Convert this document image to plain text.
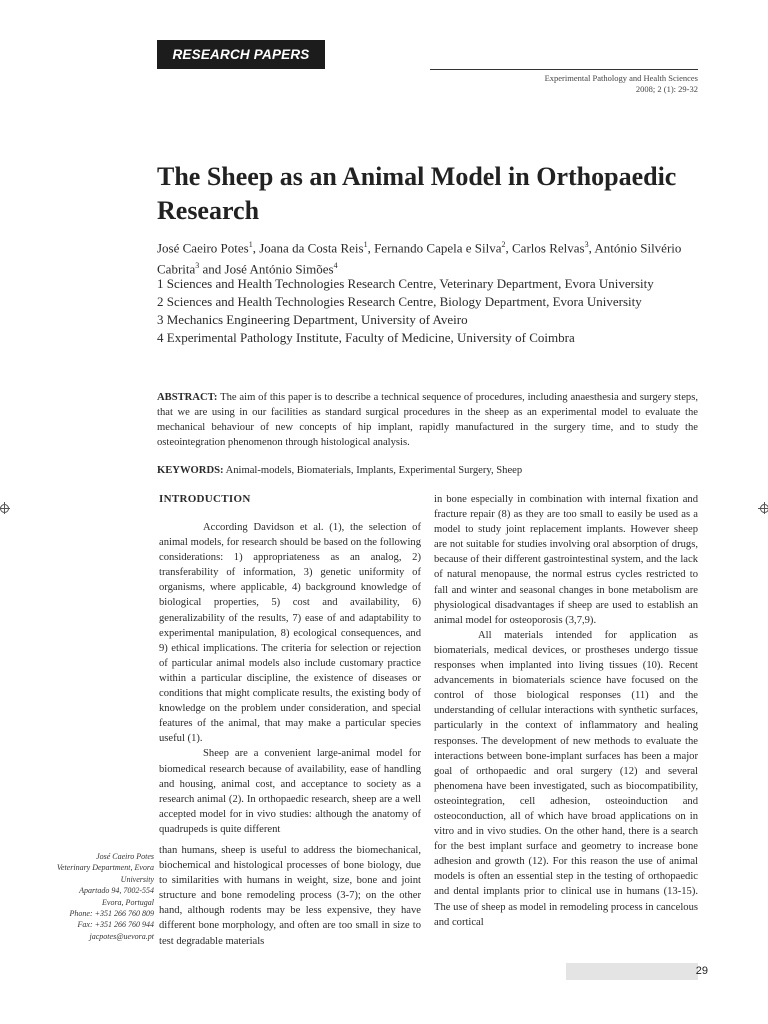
RESEARCH PAPERS
Experimental Pathology and Health Sciences
2008; 2 (1): 29-32
The Sheep as an Animal Model in Orthopaedic Research

José Caeiro Potes$^1$, Joana da Costa Reis$^1$, Fernando Capela e Silva$^2$, Carlos Relvas$^3$, António Silvério Cabrita$^3$ and José António Simões$^4$

1 Sciences and Health Technologies Research Centre, Veterinary Department, Evora University
2 Sciences and Health Technologies Research Centre, Biology Department, Evora University
3 Mechanics Engineering Department, University of Aveiro
4 Experimental Pathology Institute, Faculty of Medicine, University of Coimbra

ABSTRACT: The aim of this paper is to describe a technical sequence of procedures, including anaesthesia and surgery steps, that we are using in our facilities as standard surgical procedures in the sheep as an experimental model to evaluate the mechanical behaviour of new concepts of hip implant, rapidly manufactured in the surgery time, and to study the osteointegration phenomenon through histological analysis.

KEYWORDS: Animal-models, Biomaterials, Implants, Experimental Surgery, Sheep

INTRODUCTION

According Davidson et al. (1), the selection of animal models, for research should be based on the following considerations: 1) appropriateness as an analog, 2) transferability of information, 3) genetic uniformity of organisms, where applicable, 4) background knowledge of biological properties, 5) cost and availability, 6) generalizability of the results, 7) ease of and adaptability to experimental manipulation, 8) ecological consequences, and 9) ethical implications. The criteria for selection or rejection of particular animal models also include customary practice within a particular discipline, the existence of diseases or conditions that might complicate results, the existing body of knowledge on the problem under consideration, and special features of the animal, that may make a particular species useful (1).

Sheep are a convenient large-animal model for biomedical research because of availability, ease of handling and housing, animal cost, and acceptance to society as a research animal (2). In orthopaedic research, sheep are a well accepted model for in vivo studies: although the anatomy of quadrupeds is quite different

than humans, sheep is useful to address the biomechanical, biochemical and histological processes of bone biology, due to similarities with humans in weight, size, bone and joint structure and bone remodeling process (3-7); on the other hand, although rodents may be less expensive, they have different bone morphology, and often are too small in size to test degradable materials

in bone especially in combination with internal fixation and fracture repair (8) as they are too small to easily be used as a model to study joint replacement implants. However sheep are not suitable for studies involving oral absorption of drugs, because of their different gastrointestinal system, and the lack of natural menopause, the normal estrus cycles restricted to fall and winter and seasonal changes in bone metabolism are physiological disadvantages if sheep are used to establish an animal model for osteoporosis (3,7,9).

All materials intended for application as biomaterials, medical devices, or prostheses undergo tissue responses when implanted into living tissues (10). Recent advancements in biomaterials science have focused on the control of those biological responses (11) and the understanding of cellular interactions with synthetic surfaces, particularly in the context of inflammatory and healing responses. The development of new methods to evaluate the interactions between bone-implant surfaces has been a major goal of orthopaedic and oral surgery (12) and several phenomena have been investigated, such as biocompatibility, osteointegration, cell adhesion, osteoinduction and osteoconduction, all of which have broad applications on in vitro and in vivo studies. On the other hand, there is a search for the best implant surface and geometry to increase bone adhesion and growth (12). For this reason the use of animal models is often an essential step in the testing of orthopaedic and dental implants prior to clinical use in humans (13-15). The use of sheep as model in remodeling process in cancelous and cortical

José Caeiro Potes
Veterinary Department, Evora
University
Apartado 94, 7002-554
Evora, Portugal
Phone: +351 266 760 809
Fax: +351 266 760 944
jacpotes@uevora.pt
29
